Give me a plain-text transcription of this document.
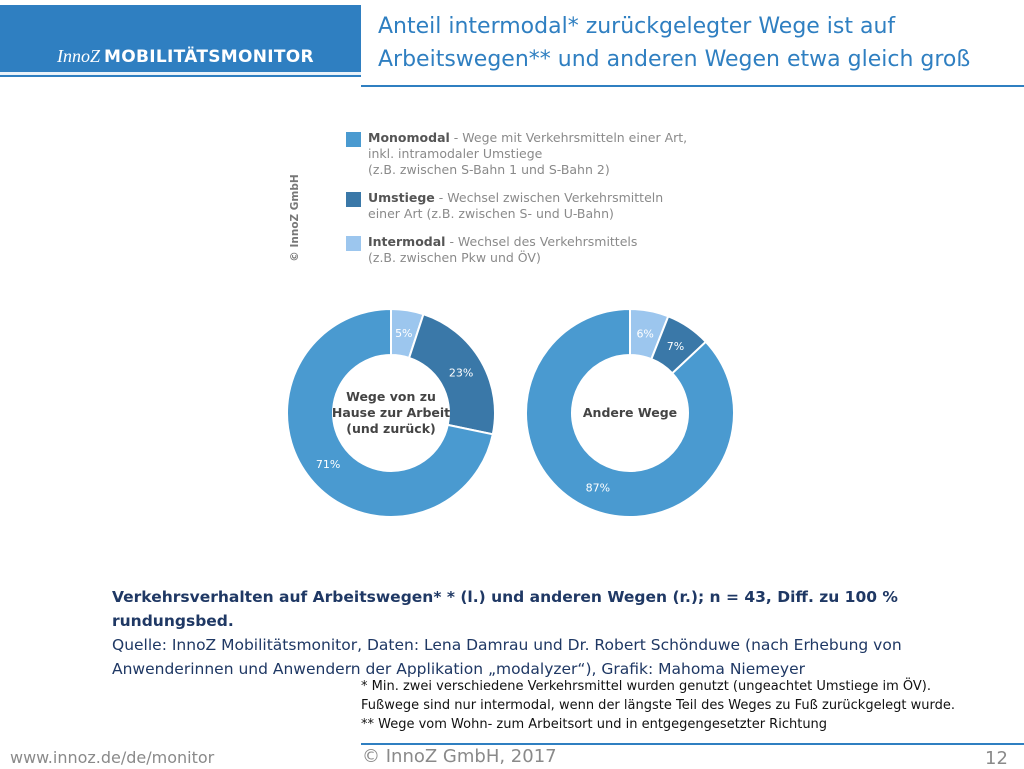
InnoZ MOBILITÄTSMONITOR
Anteil intermodal* zurückgelegter Wege ist auf
Arbeitswegen** und anderen Wegen etwa gleich groß
© InnoZ GmbH
Monomodal - Wege mit Verkehrsmitteln einer Art,
inkl. intramodaler Umstiege
(z.B. zwischen S-Bahn 1 und S-Bahn 2)
Umstiege - Wechsel zwischen Verkehrsmitteln
einer Art (z.B. zwischen S- und U-Bahn)
Intermodal - Wechsel des Verkehrsmittels
(z.B. zwischen Pkw und ÖV)
5%
23%
71%
Wege von zu Hause zur Arbeit (und zurück)
6%
7%
87%
Andere Wege
Verkehrsverhalten auf Arbeitswegen* * (l.) und anderen Wegen (r.); n = 43, Diff. zu 100 % rundungsbed.
Quelle: InnoZ Mobilitätsmonitor, Daten: Lena Damrau und Dr. Robert Schönduwe (nach Erhebung von Anwenderinnen und Anwendern der Applikation „modalyzer“), Grafik: Mahoma Niemeyer
* Min. zwei verschiedene Verkehrsmittel wurden genutzt (ungeachtet Umstiege im ÖV).
Fußwege sind nur intermodal, wenn der längste Teil des Weges zu Fuß zurückgelegt wurde.
** Wege vom Wohn- zum Arbeitsort und in entgegengesetzter Richtung
www.innoz.de/de/monitor	© InnoZ GmbH, 2017	12
